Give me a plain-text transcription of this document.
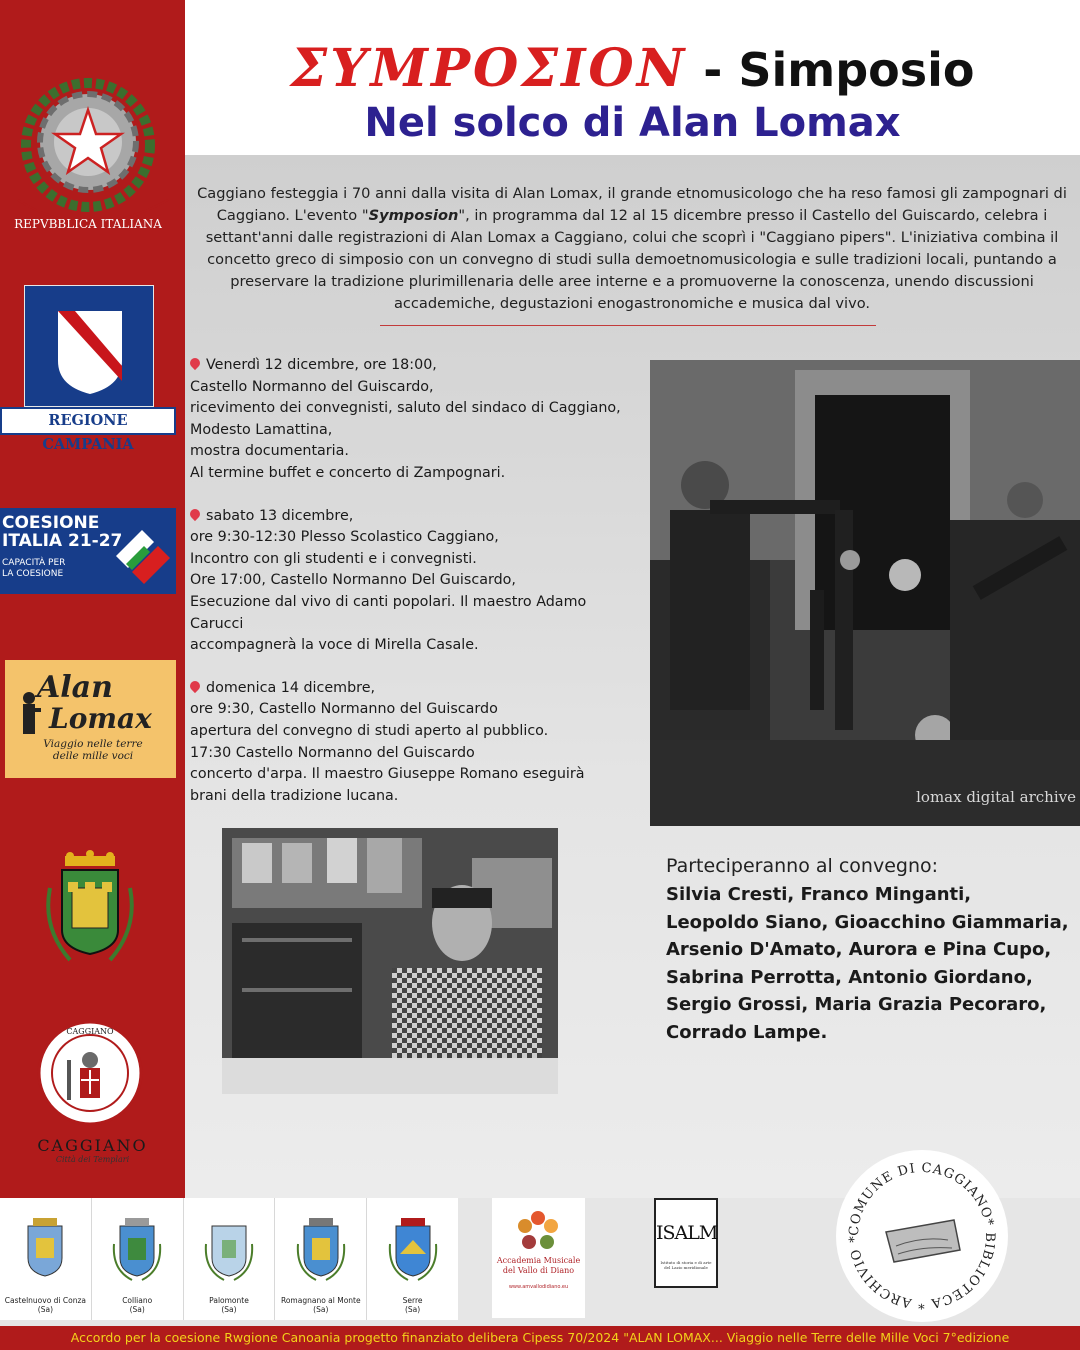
ΣΥΜΡΟΣΙΟΝ - Simposio
Nel solco di Alan Lomax
Caggiano festeggia i 70 anni dalla visita di Alan Lomax, il grande etnomusicologo che ha reso famosi gli zampognari di Caggiano. L'evento "Symposion", in programma dal 12 al 15 dicembre presso il Castello del Guiscardo, celebra i settant'anni dalle registrazioni di Alan Lomax a Caggiano, colui che scoprì i "Caggiano pipers". L'iniziativa combina il concetto greco di simposio con un convegno di studi sulla demoetnomusicologia e sulle tradizioni locali, puntando a preservare la tradizione plurimillenaria delle aree interne e a promuoverne la conoscenza, unendo discussioni accademiche, degustazioni enogastronomiche e musica dal vivo.
Venerdì 12 dicembre, ore 18:00,
Castello Normanno del Guiscardo,
ricevimento dei convegnisti, saluto del sindaco di Caggiano,
Modesto Lamattina,
mostra documentaria.
Al termine buffet e concerto di Zampognari.
sabato 13 dicembre,
ore 9:30-12:30 Plesso Scolastico Caggiano,
Incontro con gli studenti e i convegnisti.
Ore 17:00, Castello Normanno Del Guiscardo,
Esecuzione dal vivo di canti popolari. Il maestro Adamo
Carucci
accompagnerà la voce di Mirella Casale.
domenica 14 dicembre,
ore 9:30, Castello Normanno del Guiscardo
apertura del convegno di studi aperto al pubblico.
17:30 Castello Normanno del Guiscardo
concerto d'arpa. Il maestro Giuseppe Romano eseguirà
brani della tradizione lucana.	lomax digital archive
Parteciperanno al convegno:
Silvia Cresti, Franco Minganti,
Leopoldo Siano, Gioacchino Giammaria,
Arsenio D'Amato, Aurora e Pina Cupo,
Sabrina Perrotta, Antonio Giordano,
Sergio Grossi, Maria Grazia Pecoraro,
Corrado Lampe.
REPVBBLICA ITALIANA
REGIONE CAMPANIA
COESIONE
ITALIA 21-27
CAPACITÀ PER
LA COESIONE
Alan
Lomax
Viaggio nelle terre delle mille voci
CAGGIANO
CAGGIANO
Città dei Templari
Castelnuovo di Conza
(Sa)
Colliano
(Sa)
Palomonte
(Sa)
Romagnano al Monte
(Sa)
Serre
(Sa)
Accademia Musicale del Vallo di Diano
www.amvallodidiano.eu
ISALM
Istituto di storia e di arte del Lazio meridionale
COMUNE DI CAGGIANO* BIBLIOTECA * ARCHIVIO *
Accordo per la coesione Rwgione Canoania progetto finanziato delibera Cipess 70/2024 "ALAN LOMAX... Viaggio nelle Terre delle Mille Voci 7°edizione
